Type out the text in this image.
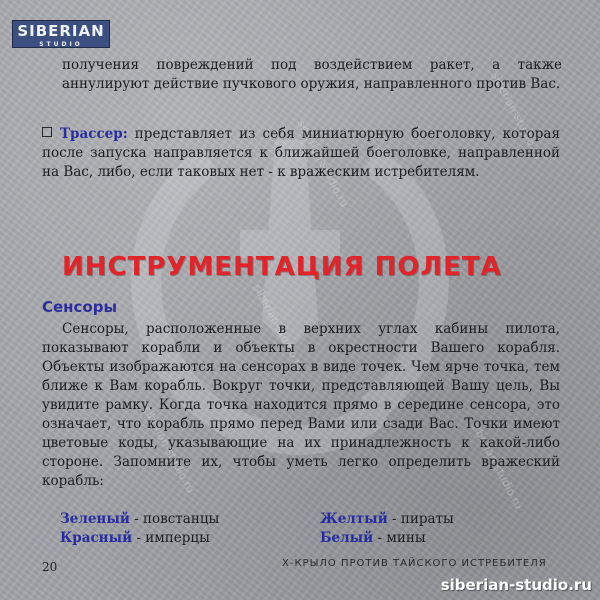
siberian-studio.ru
siberian-studio.ru
siberian-studio.ru	siberian-studio.ru
siberian-studio.ru
SIBERIAN
STUDIO
получения повреждений под воздействием ракет, а также аннулируют действие пучкового оружия, направленного против Вас.
Трассер: представляет из себя миниатюрную боеголовку, которая после запуска направляется к ближайшей боеголовке, направленной на Вас, либо, если таковых нет - к вражеским истребителям.
ИНСТРУМЕНТАЦИЯ ПОЛЕТА
Сенсоры
Сенсоры, расположенные в верхних углах кабины пилота, показывают корабли и объекты в окрестности Вашего корабля. Объекты изображаются на сенсорах в виде точек. Чем ярче точка, тем ближе к Вам корабль. Вокруг точки, представляющей Вашу цель, Вы увидите рамку. Когда точка находится прямо в середине сенсора, это означает, что корабль прямо перед Вами или сзади Вас. Точки имеют цветовые коды, указывающие на их принадлежность к какой-либо стороне. Запомните их, чтобы уметь легко определить вражеский корабль:
Зеленый - повстанцы	Желтый - пираты
Красный - имперцы	Белый - мины
20	Х-КРЫЛО ПРОТИВ ТАЙСКОГО ИСТРЕБИТЕЛЯ
siberian-studio.ru
